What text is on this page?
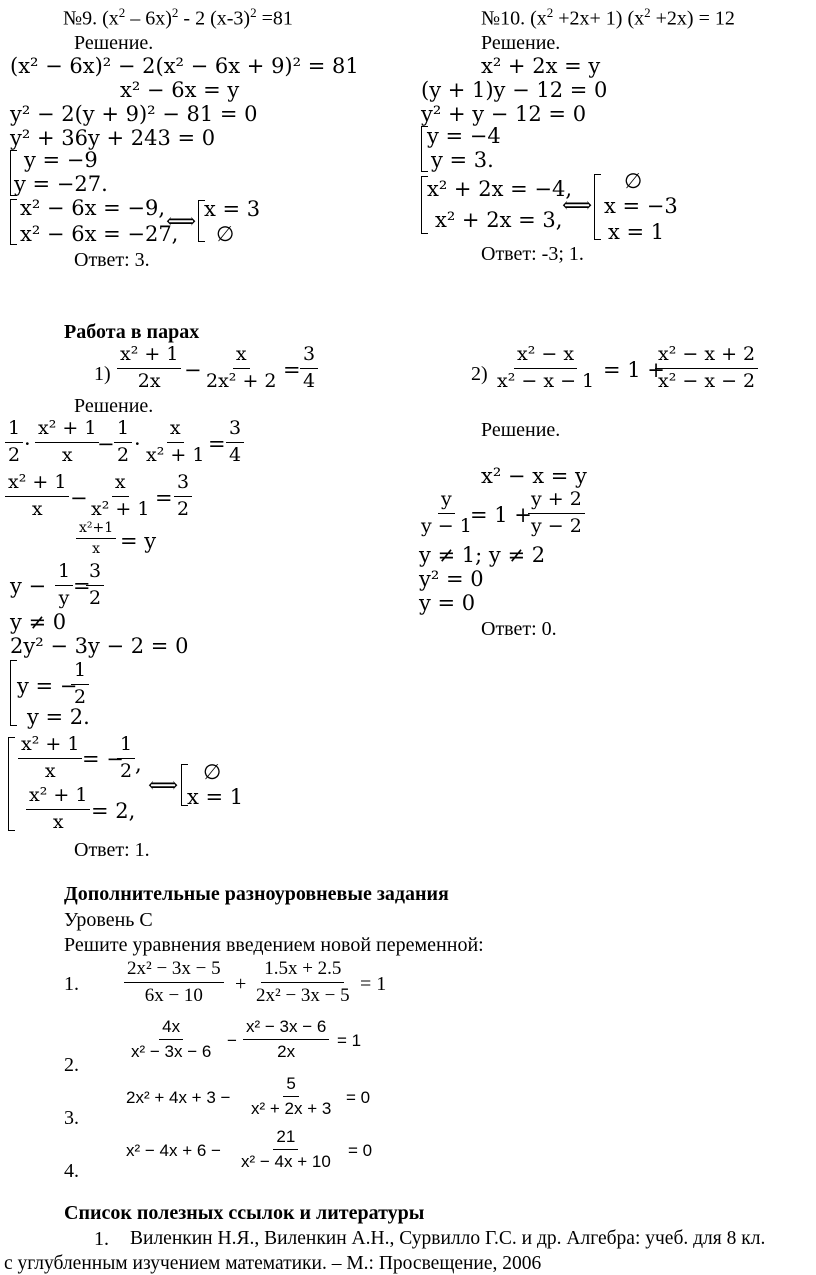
№9. $(x^2 - 6x)^2 - 2$ $(x-3)^2 =81$
Решение.
(x² − 6x)² − 2(x² − 6x + 9)² = 81
x² − 6x = y
y² − 2(y + 9)² − 81 = 0
y² + 36y + 243 = 0
y = −9
y = −27.
x² − 6x = −9,
x² − 6x = −27,
⟺ x = 3
∅
Ответ: 3.
№10. $(x^2 +2x+ 1)$ $(x^2 +2x) = 12$
Решение.
x² + 2x = y
(y + 1)y − 12 = 0
y² + y − 12 = 0
y = −4
y = 3.
x² + 2x = −4,
x² + 2x = 3,
⟺
∅
x = −3
x = 1
Ответ: -3; 1.
Работа в парах
$1) \frac{\text{x² + 1}}{2x} - \frac{x}{\text{2x² + 2}} = \frac{3}{4}$
Решение.
$\frac{1}{2} \cdot \frac{\text{x² + 1}}{x}$
− $\frac{1}{2} \cdot \frac{x}{\text{x² + 1}} = \frac{3}{4}$
$\frac{\text{x² + 1}}{x} - \frac{x}{\text{x² + 1}} = \frac{3}{2}$
$\frac{\text{x²+1}}{x} = y$
$y - \frac{1}{y}$ =
$\frac{3}{2}$
y ≠ 0
2y² − 3y − 2 = 0
y = −
$\frac{1}{2}$
y = 2.
$\frac{\text{x² + 1}}{x}$ = −
$\frac{1}{2}$ ,
$\frac{\text{x² + 1}}{x} = 2$,
⟺
∅
x = 1
Ответ: 1.
$2) \frac{\text{x² − x}}{\text{x² − x − 1}} = 1$ +
$\frac{\text{x² − x + 2}}{\text{x² − x − 2}}$
Решение.
x² − x = y
$\frac{y}{y - 1}$
= 1 +
$\frac{y + 2}{y - 2}$
y ≠ 1; y ≠ 2
y² = 0
y = 0
Ответ: 0.
Дополнительные разноуровневые задания
Уровень С
Решите уравнения введением новой переменной:
1. $\frac{\text{2x² − 3x − 5}}{6x - 10} + \frac{1.5x + 2.5}{\text{2x² − 3x − 5}} = 1$
2.
$\frac{4x}{\text{x² − 3x − 6}} - \frac{\text{x² − 3x − 6}}{2x} = 1$
3.
$2x^2 + 4x + 3 - \frac{5}{\text{x² + 2x + 3}} = 0$
4.
$x^2 - 4x + 6 - \frac{21}{\text{x² − 4x + 10}} = 0$
Список полезных ссылок и литературы
1. Виленкин Н.Я., Виленкин А.Н., Сурвилло Г.С. и др. Алгебра: учеб. для 8 кл.
с углубленным изучением математики. – М.: Просвещение, 2006
